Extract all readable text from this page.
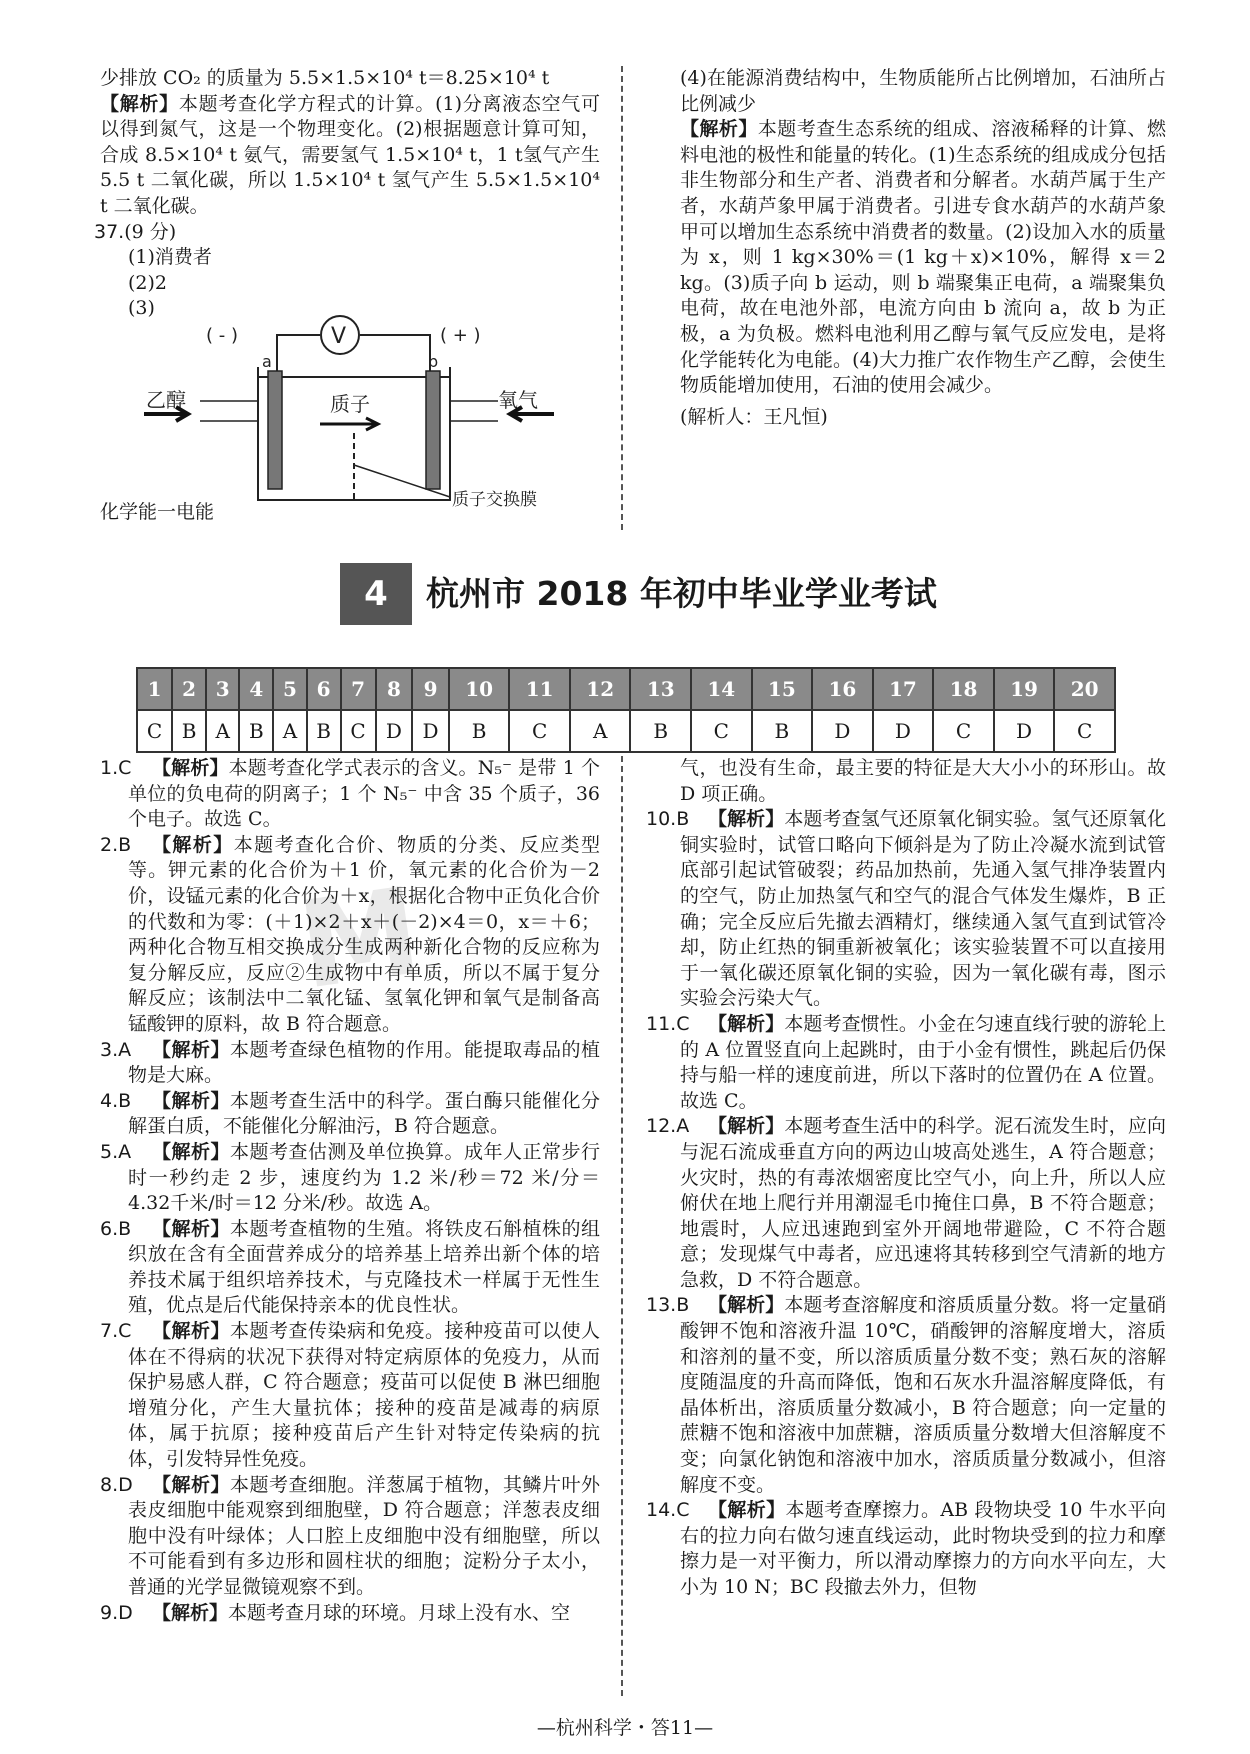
M

少排放 CO₂ 的质量为 5.5×1.5×10⁴ t＝8.25×10⁴ t

【解析】本题考查化学方程式的计算。(1)分离液态空气可以得到氮气，这是一个物理变化。(2)根据题意计算可知，合成 8.5×10⁴ t 氨气，需要氢气 1.5×10⁴ t，1 t氢气产生 5.5 t 二氧化碳，所以 1.5×10⁴ t 氢气产生 5.5×1.5×10⁴ t 二氧化碳。

37.(9 分)

(1)消费者

(2)2

(3)

( - )	( + )
a	b
乙醇	质子	氧气
质子交换膜
V

化学能一电能

(4)在能源消费结构中，生物质能所占比例增加，石油所占比例减少

【解析】本题考查生态系统的组成、溶液稀释的计算、燃料电池的极性和能量的转化。(1)生态系统的组成成分包括非生物部分和生产者、消费者和分解者。水葫芦属于生产者，水葫芦象甲属于消费者。引进专食水葫芦的水葫芦象甲可以增加生态系统中消费者的数量。(2)设加入水的质量为 x，则 1 kg×30%＝(1 kg＋x)×10%，解得 x＝2 kg。(3)质子向 b 运动，则 b 端聚集正电荷，a 端聚集负电荷，故在电池外部，电流方向由 b 流向 a，故 b 为正极，a 为负极。燃料电池利用乙醇与氧气反应发电，是将化学能转化为电能。(4)大力推广农作物生产乙醇，会使生物质能增加使用，石油的使用会减少。

(解析人：王凡恒)

4	杭州市 2018 年初中毕业学业考试
1	2	3	4	5	6	7	8	9	10	11	12	13	14	15	16	17	18	19	20
C	B	A	B	A	B	C	D	D	B	C	A	B	C	B	D	D	C	D	C

1.C 【解析】本题考查化学式表示的含义。N₅⁻ 是带 1 个单位的负电荷的阴离子；1 个 N₅⁻ 中含 35 个质子，36 个电子。故选 C。

2.B 【解析】本题考查化合价、物质的分类、反应类型等。钾元素的化合价为＋1 价，氧元素的化合价为－2 价，设锰元素的化合价为＋x，根据化合物中正负化合价的代数和为零：(＋1)×2＋x＋(－2)×4＝0，x＝＋6；两种化合物互相交换成分生成两种新化合物的反应称为复分解反应，反应②生成物中有单质，所以不属于复分解反应；该制法中二氧化锰、氢氧化钾和氧气是制备高锰酸钾的原料，故 B 符合题意。

3.A 【解析】本题考查绿色植物的作用。能提取毒品的植物是大麻。

4.B 【解析】本题考查生活中的科学。蛋白酶只能催化分解蛋白质，不能催化分解油污，B 符合题意。

5.A 【解析】本题考查估测及单位换算。成年人正常步行时一秒约走 2 步，速度约为 1.2 米/秒＝72 米/分＝4.32千米/时＝12 分米/秒。故选 A。

6.B 【解析】本题考查植物的生殖。将铁皮石斛植株的组织放在含有全面营养成分的培养基上培养出新个体的培养技术属于组织培养技术，与克隆技术一样属于无性生殖，优点是后代能保持亲本的优良性状。

7.C 【解析】本题考查传染病和免疫。接种疫苗可以使人体在不得病的状况下获得对特定病原体的免疫力，从而保护易感人群，C 符合题意；疫苗可以促使 B 淋巴细胞增殖分化，产生大量抗体；接种的疫苗是减毒的病原体，属于抗原；接种疫苗后产生针对特定传染病的抗体，引发特异性免疫。

8.D 【解析】本题考查细胞。洋葱属于植物，其鳞片叶外表皮细胞中能观察到细胞壁，D 符合题意；洋葱表皮细胞中没有叶绿体；人口腔上皮细胞中没有细胞壁，所以不可能看到有多边形和圆柱状的细胞；淀粉分子太小，普通的光学显微镜观察不到。

9.D 【解析】本题考查月球的环境。月球上没有水、空

气，也没有生命，最主要的特征是大大小小的环形山。故 D 项正确。

10.B 【解析】本题考查氢气还原氧化铜实验。氢气还原氧化铜实验时，试管口略向下倾斜是为了防止冷凝水流到试管底部引起试管破裂；药品加热前，先通入氢气排净装置内的空气，防止加热氢气和空气的混合气体发生爆炸，B 正确；完全反应后先撤去酒精灯，继续通入氢气直到试管冷却，防止红热的铜重新被氧化；该实验装置不可以直接用于一氧化碳还原氧化铜的实验，因为一氧化碳有毒，图示实验会污染大气。

11.C 【解析】本题考查惯性。小金在匀速直线行驶的游轮上的 A 位置竖直向上起跳时，由于小金有惯性，跳起后仍保持与船一样的速度前进，所以下落时的位置仍在 A 位置。故选 C。

12.A 【解析】本题考查生活中的科学。泥石流发生时，应向与泥石流成垂直方向的两边山坡高处逃生，A 符合题意；火灾时，热的有毒浓烟密度比空气小，向上升，所以人应俯伏在地上爬行并用潮湿毛巾掩住口鼻，B 不符合题意；地震时，人应迅速跑到室外开阔地带避险，C 不符合题意；发现煤气中毒者，应迅速将其转移到空气清新的地方急救，D 不符合题意。

13.B 【解析】本题考查溶解度和溶质质量分数。将一定量硝酸钾不饱和溶液升温 10℃，硝酸钾的溶解度增大，溶质和溶剂的量不变，所以溶质质量分数不变；熟石灰的溶解度随温度的升高而降低，饱和石灰水升温溶解度降低，有晶体析出，溶质质量分数减小，B 符合题意；向一定量的蔗糖不饱和溶液中加蔗糖，溶质质量分数增大但溶解度不变；向氯化钠饱和溶液中加水，溶质质量分数减小，但溶解度不变。

14.C 【解析】本题考查摩擦力。AB 段物块受 10 牛水平向右的拉力向右做匀速直线运动，此时物块受到的拉力和摩擦力是一对平衡力，所以滑动摩擦力的方向水平向左，大小为 10 N；BC 段撤去外力，但物

—杭州科学・答11—
